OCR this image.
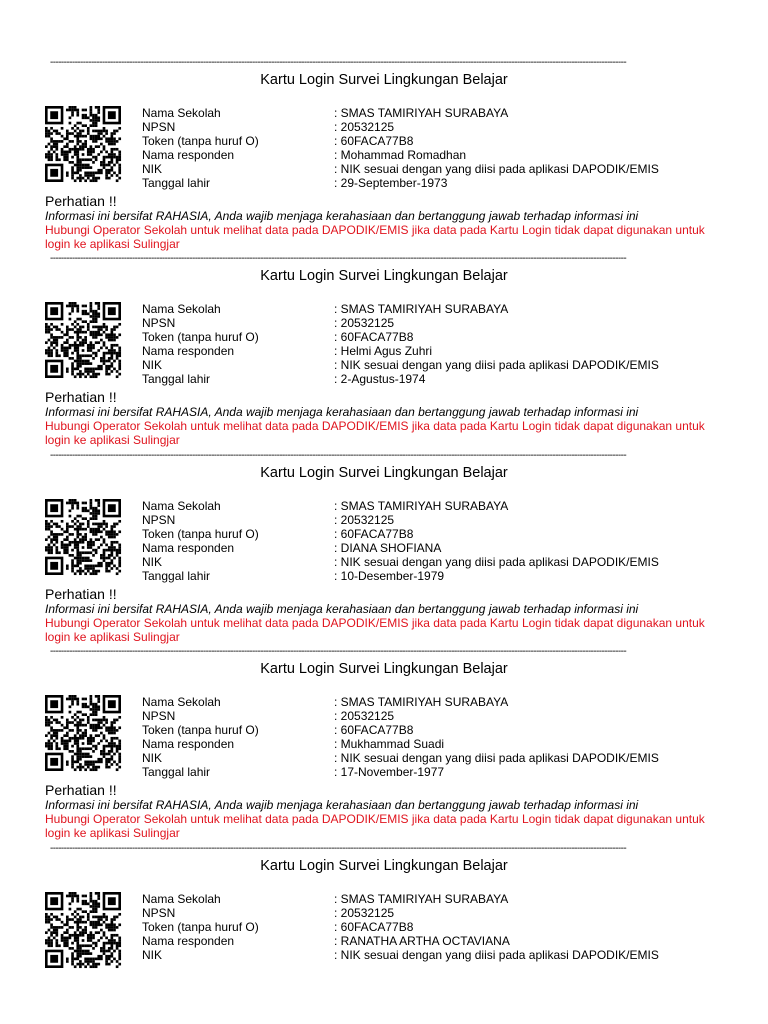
-------------------------------------------------------------------------------------------------------------------------------------------------------------------------------------------------------------------
Kartu Login Survei Lingkungan Belajar
Nama Sekolah	: SMAS TAMIRIYAH SURABAYA
NPSN	: 20532125
Token (tanpa huruf O)	: 60FACA77B8
Nama responden	: Mohammad Romadhan
NIK	: NIK sesuai dengan yang diisi pada aplikasi DAPODIK/EMIS
Tanggal lahir	: 29-September-1973
Perhatian !!
Informasi ini bersifat RAHASIA, Anda wajib menjaga kerahasiaan dan bertanggung jawab terhadap informasi ini
Hubungi Operator Sekolah untuk melihat data pada DAPODIK/EMIS jika data pada Kartu Login tidak dapat digunakan untuk login ke aplikasi Sulingjar
-------------------------------------------------------------------------------------------------------------------------------------------------------------------------------------------------------------------
Kartu Login Survei Lingkungan Belajar
Nama Sekolah	: SMAS TAMIRIYAH SURABAYA
NPSN	: 20532125
Token (tanpa huruf O)	: 60FACA77B8
Nama responden	: Helmi Agus Zuhri
NIK	: NIK sesuai dengan yang diisi pada aplikasi DAPODIK/EMIS
Tanggal lahir	: 2-Agustus-1974
Perhatian !!
Informasi ini bersifat RAHASIA, Anda wajib menjaga kerahasiaan dan bertanggung jawab terhadap informasi ini
Hubungi Operator Sekolah untuk melihat data pada DAPODIK/EMIS jika data pada Kartu Login tidak dapat digunakan untuk login ke aplikasi Sulingjar
-------------------------------------------------------------------------------------------------------------------------------------------------------------------------------------------------------------------
Kartu Login Survei Lingkungan Belajar
Nama Sekolah	: SMAS TAMIRIYAH SURABAYA
NPSN	: 20532125
Token (tanpa huruf O)	: 60FACA77B8
Nama responden	: DIANA SHOFIANA
NIK	: NIK sesuai dengan yang diisi pada aplikasi DAPODIK/EMIS
Tanggal lahir	: 10-Desember-1979
Perhatian !!
Informasi ini bersifat RAHASIA, Anda wajib menjaga kerahasiaan dan bertanggung jawab terhadap informasi ini
Hubungi Operator Sekolah untuk melihat data pada DAPODIK/EMIS jika data pada Kartu Login tidak dapat digunakan untuk login ke aplikasi Sulingjar
-------------------------------------------------------------------------------------------------------------------------------------------------------------------------------------------------------------------
Kartu Login Survei Lingkungan Belajar
Nama Sekolah	: SMAS TAMIRIYAH SURABAYA
NPSN	: 20532125
Token (tanpa huruf O)	: 60FACA77B8
Nama responden	: Mukhammad Suadi
NIK	: NIK sesuai dengan yang diisi pada aplikasi DAPODIK/EMIS
Tanggal lahir	: 17-November-1977
Perhatian !!
Informasi ini bersifat RAHASIA, Anda wajib menjaga kerahasiaan dan bertanggung jawab terhadap informasi ini
Hubungi Operator Sekolah untuk melihat data pada DAPODIK/EMIS jika data pada Kartu Login tidak dapat digunakan untuk login ke aplikasi Sulingjar
-------------------------------------------------------------------------------------------------------------------------------------------------------------------------------------------------------------------
Kartu Login Survei Lingkungan Belajar
Nama Sekolah	: SMAS TAMIRIYAH SURABAYA
NPSN	: 20532125
Token (tanpa huruf O)	: 60FACA77B8
Nama responden	: RANATHA ARTHA OCTAVIANA
NIK	: NIK sesuai dengan yang diisi pada aplikasi DAPODIK/EMIS
